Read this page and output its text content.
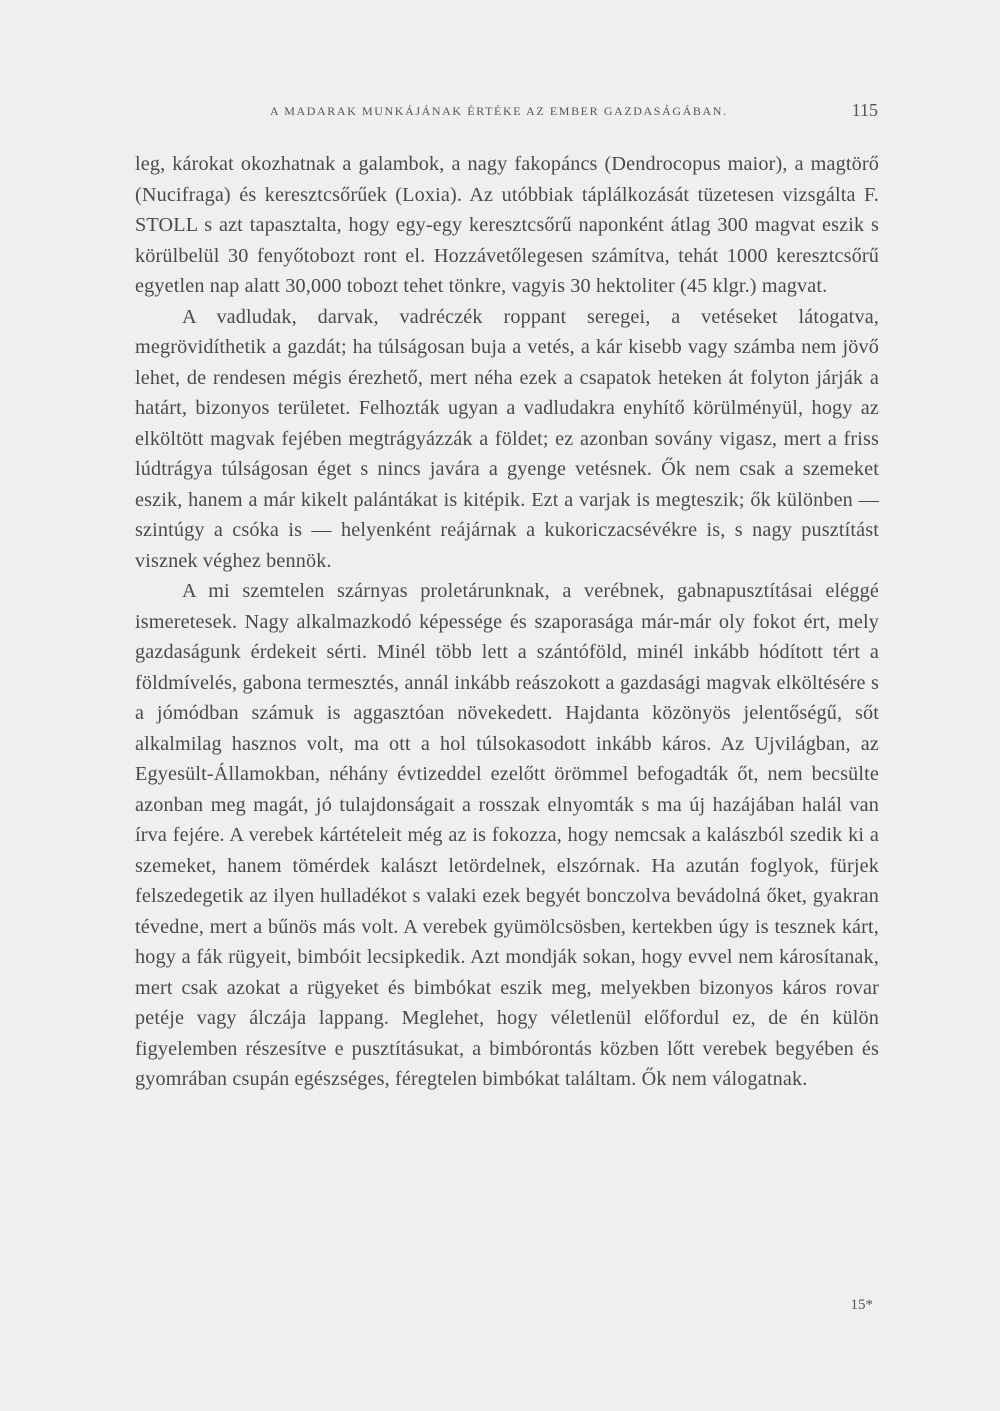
A MADARAK MUNKÁJÁNAK ÉRTÉKE AZ EMBER GAZDASÁGÁBAN.	115

leg, károkat okozhatnak a galambok, a nagy fakopáncs (Dendrocopus maior), a magtörő (Nucifraga) és keresztcsőrűek (Loxia). Az utóbbiak táplálkozását tüzetesen vizsgálta F. STOLL s azt tapasztalta, hogy egy-egy keresztcsőrű naponként átlag 300 magvat eszik s körülbelül 30 fenyőtobozt ront el. Hozzávetőlegesen számítva, tehát 1000 keresztcsőrű egyetlen nap alatt 30,000 tobozt tehet tönkre, vagyis 30 hektoliter (45 klgr.) magvat.

A vadludak, darvak, vadréczék roppant seregei, a vetéseket látogatva, megrövidíthetik a gazdát; ha túlságosan buja a vetés, a kár kisebb vagy számba nem jövő lehet, de rendesen mégis érezhető, mert néha ezek a csapatok heteken át folyton járják a határt, bizonyos területet. Felhozták ugyan a vadludakra enyhítő körülményül, hogy az elköltött magvak fejében megtrágyázzák a földet; ez azonban sovány vigasz, mert a friss lúdtrágya túlságosan éget s nincs javára a gyenge vetésnek. Ők nem csak a szemeket eszik, hanem a már kikelt palántákat is kitépik. Ezt a varjak is megteszik; ők különben — szintúgy a csóka is — helyenként reájárnak a kukoriczacsévékre is, s nagy pusztítást visznek véghez bennök.

A mi szemtelen szárnyas proletárunknak, a verébnek, gabnapusztításai eléggé ismeretesek. Nagy alkalmazkodó képessége és szaporasága már-már oly fokot ért, mely gazdaságunk érdekeit sérti. Minél több lett a szántóföld, minél inkább hódított tért a földmívelés, gabona termesztés, annál inkább reászokott a gazdasági magvak elköltésére s a jómódban számuk is aggasztóan növekedett. Hajdanta közönyös jelentőségű, sőt alkalmilag hasznos volt, ma ott a hol túlsokasodott inkább káros. Az Ujvilágban, az Egyesült-Államokban, néhány évtizeddel ezelőtt örömmel befogadták őt, nem becsülte azonban meg magát, jó tulajdonságait a rosszak elnyomták s ma új hazájában halál van írva fejére. A verebek kártételeit még az is fokozza, hogy nemcsak a kalászból szedik ki a szemeket, hanem tömérdek kalászt letördelnek, elszórnak. Ha azután foglyok, fürjek felszedegetik az ilyen hulladékot s valaki ezek begyét bonczolva bevádolná őket, gyakran tévedne, mert a bűnös más volt. A verebek gyümölcsösben, kertekben úgy is tesznek kárt, hogy a fák rügyeit, bimbóit lecsipkedik. Azt mondják sokan, hogy evvel nem károsítanak, mert csak azokat a rügyeket és bimbókat eszik meg, melyekben bizonyos káros rovar petéje vagy álczája lappang. Meglehet, hogy véletlenül előfordul ez, de én külön figyelemben részesítve e pusztításukat, a bimbórontás közben lőtt verebek begyében és gyomrában csupán egészséges, féregtelen bimbókat találtam. Ők nem válogatnak.

15*
